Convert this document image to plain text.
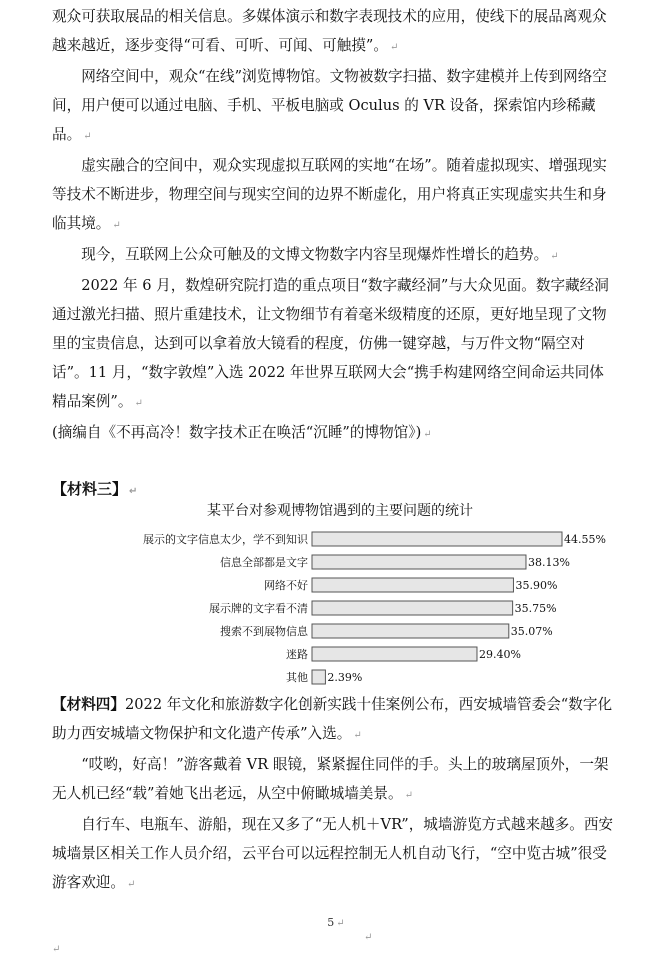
观众可获取展品的相关信息。多媒体演示和数字表现技术的应用，使线下的展品离观众越来越近，逐步变得“可看、可听、可闻、可触摸”。 ↵

网络空间中，观众“在线”浏览博物馆。文物被数字扫描、数字建模并上传到网络空间，用户便可以通过电脑、手机、平板电脑或 Oculus 的 VR 设备，探索馆内珍稀藏品。 ↵

虚实融合的空间中，观众实现虚拟互联网的实地“在场”。随着虚拟现实、增强现实等技术不断进步，物理空间与现实空间的边界不断虚化，用户将真正实现虚实共生和身临其境。 ↵

现今，互联网上公众可触及的文博文物数字内容呈现爆炸性增长的趋势。 ↵

2022 年 6 月，数煌研究院打造的重点项目“数字藏经洞”与大众见面。数字藏经洞通过激光扫描、照片重建技术，让文物细节有着毫米级精度的还原，更好地呈现了文物里的宝贵信息，达到可以拿着放大镜看的程度，仿佛一键穿越，与万件文物“隔空对话”。11 月，“数字敦煌”入选 2022 年世界互联网大会“携手构建网络空间命运共同体精品案例”。 ↵

(摘编自《不再高冷！数字技术正在唤活“沉睡”的博物馆》) ↵

【材料三】 ↵
某平台对参观博物馆遇到的主要问题的统计
展示的文字信息太少，学不到知识	44.55%
信息全部都是文字	38.13%
网络不好	35.90%
展示牌的文字看不清	35.75%
搜索不到展物信息	35.07%
迷路	29.40%
其他 2.39%

【材料四】2022 年文化和旅游数字化创新实践十佳案例公布，西安城墙管委会“数字化助力西安城墙文物保护和文化遗产传承”入选。 ↵

“哎哟，好高！”游客戴着 VR 眼镜，紧紧握住同伴的手。头上的玻璃屋顶外，一架无人机已经“载”着她飞出老远，从空中俯瞰城墙美景。 ↵

自行车、电瓶车、游船，现在又多了“无人机＋VR”，城墙游览方式越来越多。西安城墙景区相关工作人员介绍，云平台可以远程控制无人机自动飞行，“空中览古城”很受游客欢迎。 ↵

5 ↵
↵
↵
